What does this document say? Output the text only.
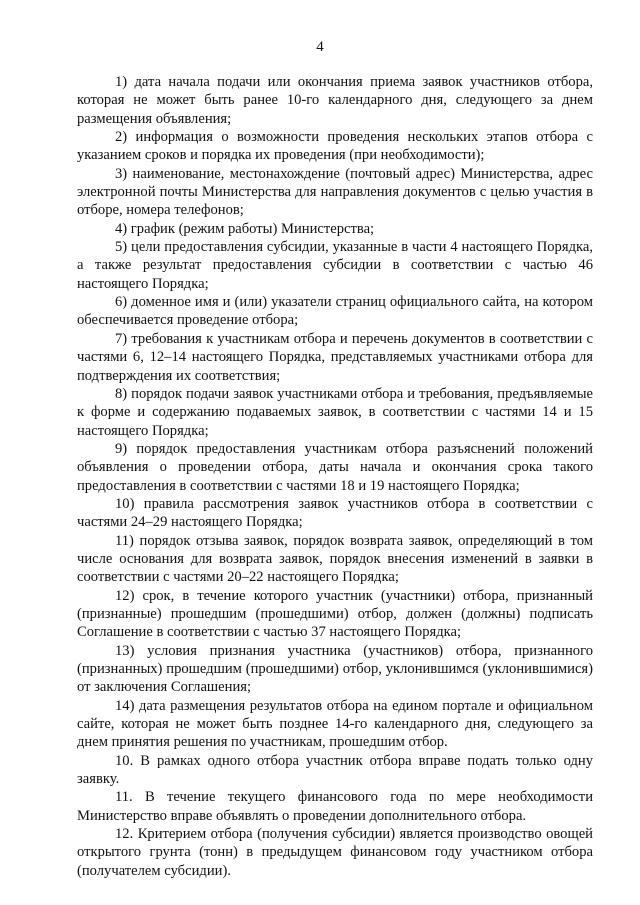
4

1) дата начала подачи или окончания приема заявок участников отбора, которая не может быть ранее 10-го календарного дня, следующего за днем размещения объявления;

2) информация о возможности проведения нескольких этапов отбора с указанием сроков и порядка их проведения (при необходимости);

3) наименование, местонахождение (почтовый адрес) Министерства, адрес электронной почты Министерства для направления документов с целью участия в отборе, номера телефонов;

4) график (режим работы) Министерства;

5) цели предоставления субсидии, указанные в части 4 настоящего Порядка, а также результат предоставления субсидии в соответствии с частью 46 настоящего Порядка;

6) доменное имя и (или) указатели страниц официального сайта, на котором обеспечивается проведение отбора;

7) требования к участникам отбора и перечень документов в соответствии с частями 6, 12–14 настоящего Порядка, представляемых участниками отбора для подтверждения их соответствия;

8) порядок подачи заявок участниками отбора и требования, предъявляемые к форме и содержанию подаваемых заявок, в соответствии с частями 14 и 15 настоящего Порядка;

9) порядок предоставления участникам отбора разъяснений положений объявления о проведении отбора, даты начала и окончания срока такого предоставления в соответствии с частями 18 и 19 настоящего Порядка;

10) правила рассмотрения заявок участников отбора в соответствии с частями 24–29 настоящего Порядка;

11) порядок отзыва заявок, порядок возврата заявок, определяющий в том числе основания для возврата заявок, порядок внесения изменений в заявки в соответствии с частями 20–22 настоящего Порядка;

12) срок, в течение которого участник (участники) отбора, признанный (признанные) прошедшим (прошедшими) отбор, должен (должны) подписать Соглашение в соответствии с частью 37 настоящего Порядка;

13) условия признания участника (участников) отбора, признанного (признанных) прошедшим (прошедшими) отбор, уклонившимся (уклонившимися) от заключения Соглашения;

14) дата размещения результатов отбора на едином портале и официальном сайте, которая не может быть позднее 14-го календарного дня, следующего за днем принятия решения по участникам, прошедшим отбор.

10. В рамках одного отбора участник отбора вправе подать только одну заявку.

11. В течение текущего финансового года по мере необходимости Министерство вправе объявлять о проведении дополнительного отбора.

12. Критерием отбора (получения субсидии) является производство овощей открытого грунта (тонн) в предыдущем финансовом году участником отбора (получателем субсидии).
